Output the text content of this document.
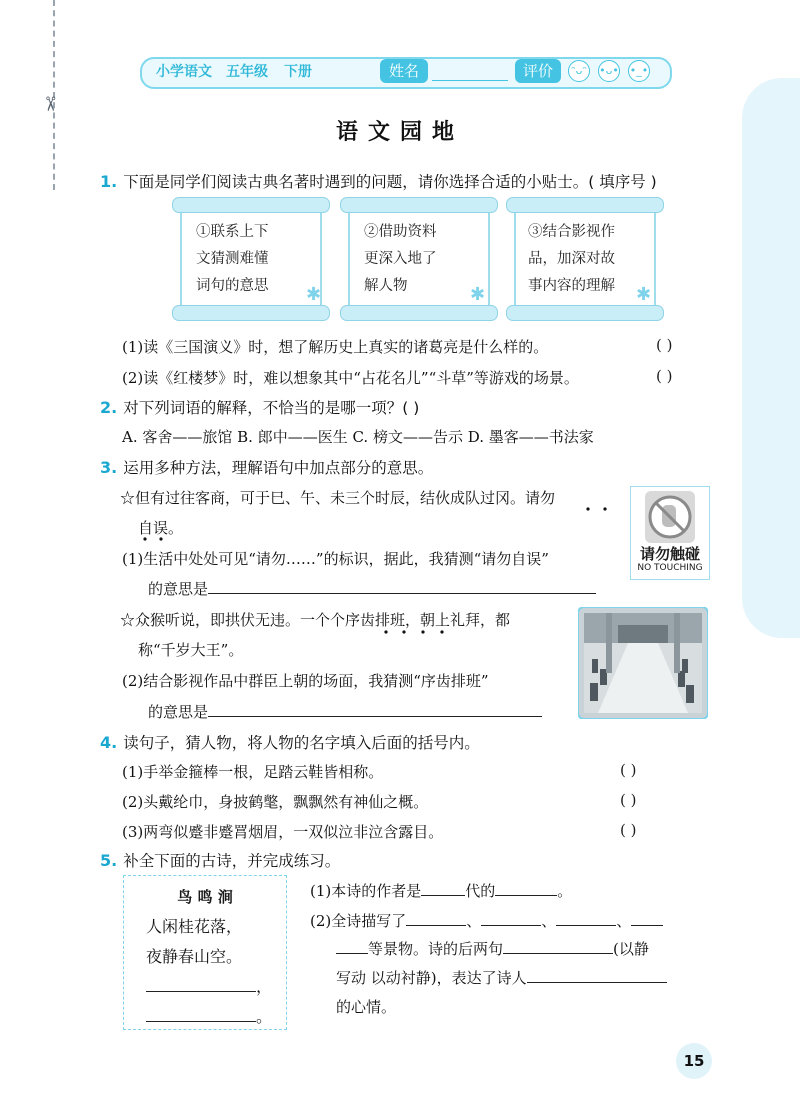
✂
小学语文 五年级 下册	姓名	评价	ᵔᴗᵔ •ᴗ• •_•
语文园地
1. 下面是同学们阅读古典名著时遇到的问题，请你选择合适的小贴士。( 填序号 )
①联系上下
文猜测难懂
词句的意思
②借助资料
更深入地了
解人物
③结合影视作
品，加深对故
事内容的理解
✱	✱	✱
(1)读《三国演义》时，想了解历史上真实的诸葛亮是什么样的。	( )
(2)读《红楼梦》时，难以想象其中“占花名儿”“斗草”等游戏的场景。	( )
2. 对下列词语的解释，不恰当的是哪一项？( )
A. 客舍——旅馆 B. 郎中——医生 C. 榜文——告示 D. 墨客——书法家
3. 运用多种方法，理解语句中加点部分的意思。
☆但有过往客商，可于巳、午、未三个时辰，结伙成队过冈。请勿
自误。
(1)生活中处处可见“请勿……”的标识，据此，我猜测“请勿自误”
的意思是
请勿触碰
NO TOUCHING
☆众猴听说，即拱伏无违。一个个序齿排班，朝上礼拜，都
称“千岁大王”。
(2)结合影视作品中群臣上朝的场面，我猜测“序齿排班”
的意思是
4. 读句子，猜人物，将人物的名字填入后面的括号内。
(1)手举金箍棒一根，足踏云鞋皆相称。	( )
(2)头戴纶巾，身披鹤氅，飘飘然有神仙之概。	( )
(3)两弯似蹙非蹙罥烟眉，一双似泣非泣含露目。	( )
5. 补全下面的古诗，并完成练习。
鸟 鸣 涧
人闲桂花落，
夜静春山空。
，
。
(1)本诗的作者是	代的	。
(2)全诗描写了	、	、	、
等景物。诗的后两句	(以静
写动 以动衬静)，表达了诗人
的心情。
15
